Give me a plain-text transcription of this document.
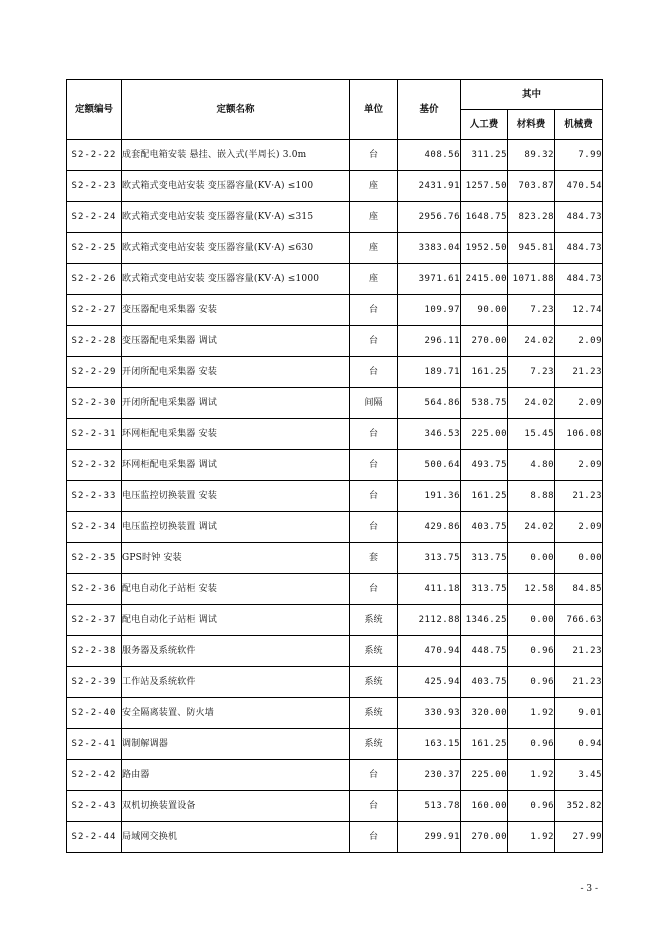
定额编号	定额名称	单位	基价	其中		
				人工费	材料费	机械费
S2-2-22	成套配电箱安装 悬挂、嵌入式(半周长) 3.0m	台	408.56	311.25	89.32	7.99
S2-2-23	欧式箱式变电站安装 变压器容量(KV·A) ≤100	座	2431.91	1257.50	703.87	470.54
S2-2-24	欧式箱式变电站安装 变压器容量(KV·A) ≤315	座	2956.76	1648.75	823.28	484.73
S2-2-25	欧式箱式变电站安装 变压器容量(KV·A) ≤630	座	3383.04	1952.50	945.81	484.73
S2-2-26	欧式箱式变电站安装 变压器容量(KV·A) ≤1000	座	3971.61	2415.00	1071.88	484.73
S2-2-27	变压器配电采集器 安装	台	109.97	90.00	7.23	12.74
S2-2-28	变压器配电采集器 调试	台	296.11	270.00	24.02	2.09
S2-2-29	开闭所配电采集器 安装	台	189.71	161.25	7.23	21.23
S2-2-30	开闭所配电采集器 调试	间隔	564.86	538.75	24.02	2.09
S2-2-31	环网柜配电采集器 安装	台	346.53	225.00	15.45	106.08
S2-2-32	环网柜配电采集器 调试	台	500.64	493.75	4.80	2.09
S2-2-33	电压监控切换装置 安装	台	191.36	161.25	8.88	21.23
S2-2-34	电压监控切换装置 调试	台	429.86	403.75	24.02	2.09
S2-2-35	GPS时钟 安装	套	313.75	313.75	0.00	0.00
S2-2-36	配电自动化子站柜 安装	台	411.18	313.75	12.58	84.85
S2-2-37	配电自动化子站柜 调试	系统	2112.88	1346.25	0.00	766.63
S2-2-38	服务器及系统软件	系统	470.94	448.75	0.96	21.23
S2-2-39	工作站及系统软件	系统	425.94	403.75	0.96	21.23
S2-2-40	安全隔离装置、防火墙	系统	330.93	320.00	1.92	9.01
S2-2-41	调制解调器	系统	163.15	161.25	0.96	0.94
S2-2-42	路由器	台	230.37	225.00	1.92	3.45
S2-2-43	双机切换装置设备	台	513.78	160.00	0.96	352.82
S2-2-44	局域网交换机	台	299.91	270.00	1.92	27.99
- 3 -
